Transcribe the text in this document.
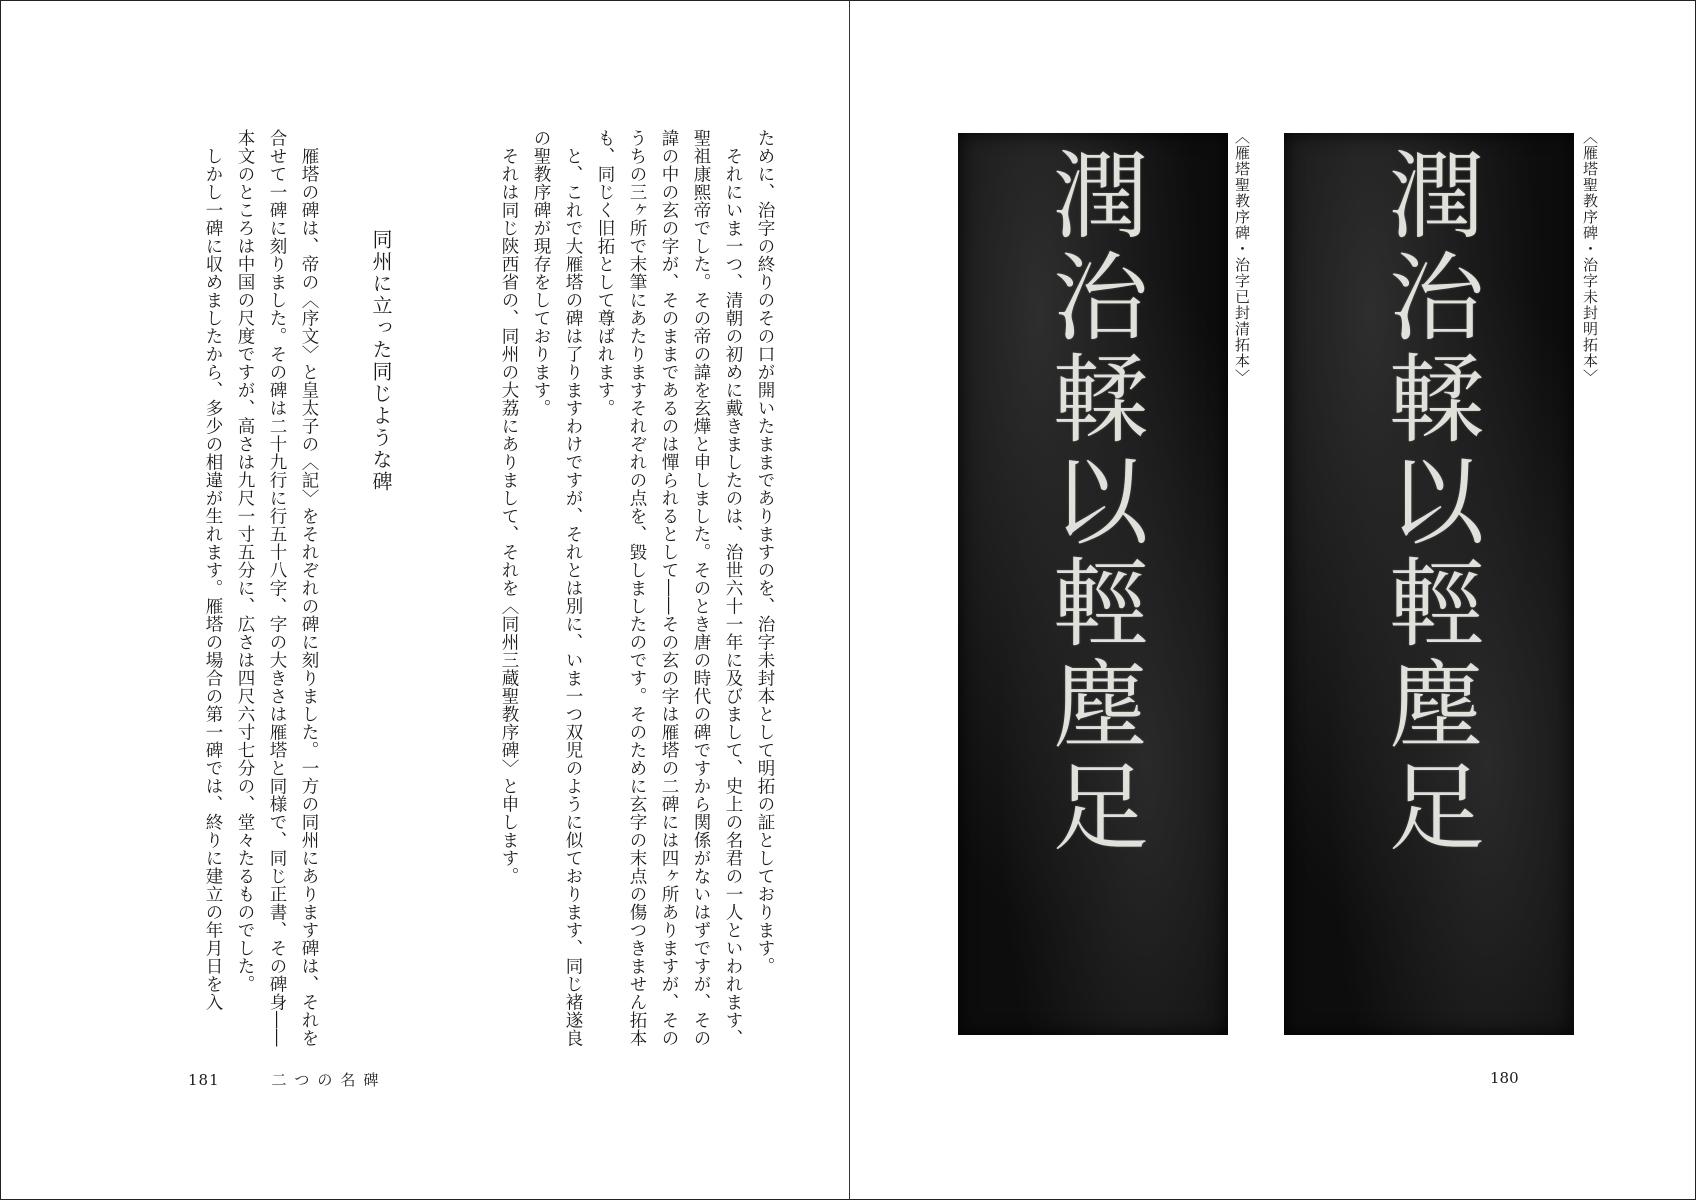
ために、治字の終りのその口が開いたままでありますのを、治字未封本として明拓の証としております。

それにいま一つ、清朝の初めに戴きましたのは、治世六十一年に及びまして、史上の名君の一人といわれます、聖祖康熙帝でした。その帝の諱を玄燁と申しました。そのとき唐の時代の碑ですから関係がないはずですが、その諱の中の玄の字が、そのままであるのは憚られるとして――その玄の字は雁塔の二碑には四ヶ所ありますが、そのうちの三ヶ所で末筆にあたりますそれぞれの点を、毀しましたのです。そのために玄字の末点の傷つきません拓本も、同じく旧拓として尊ばれます。

と、これで大雁塔の碑は了りますわけですが、それとは別に、いま一つ双児のように似ております、同じ褚遂良の聖教序碑が現存をしております。

それは同じ陝西省の、同州の大荔にありまして、それを〈同州三蔵聖教序碑〉と申します。

同州に立った同じような碑

雁塔の碑は、帝の〈序文〉と皇太子の〈記〉をそれぞれの碑に刻りました。一方の同州にあります碑は、それを合せて一碑に刻りました。その碑は二十九行に行五十八字、字の大きさは雁塔と同様で、同じ正書、その碑身――本文のところは中国の尺度ですが、高さは九尺一寸五分に、広さは四尺六寸七分の、堂々たるものでした。

しかし一碑に収めましたから、多少の相違が生れます。雁塔の場合の第一碑では、終りに建立の年月日を入

181	二つの名碑
潤治輮以輕塵足	〈雁塔聖教序碑・治字已封清拓本〉	潤治輮以輕塵足	〈雁塔聖教序碑・治字未封明拓本〉
180
